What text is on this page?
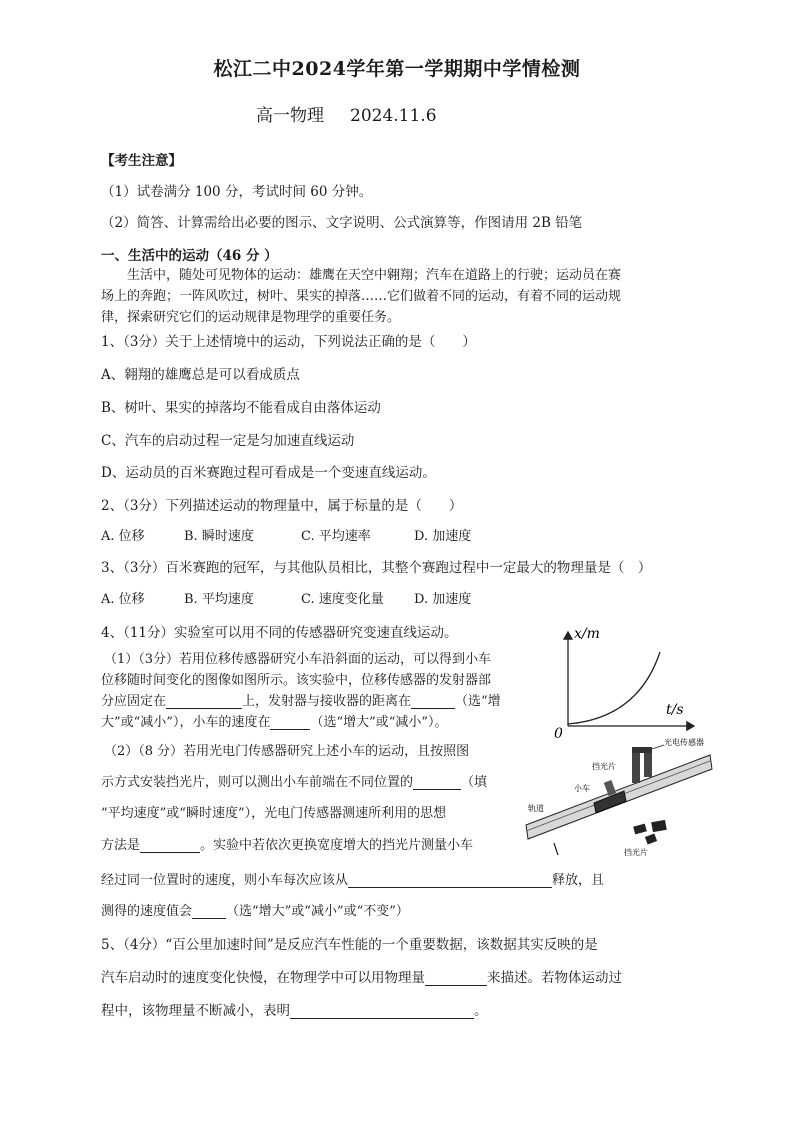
松江二中2024学年第一学期期中学情检测
高一物理 2024.11.6
【考生注意】
（1）试卷满分 100 分，考试时间 60 分钟。
（2）简答、计算需给出必要的图示、文字说明、公式演算等，作图请用 2B 铅笔
一、生活中的运动（46 分 ）
生活中，随处可见物体的运动：雄鹰在天空中翱翔；汽车在道路上的行驶；运动员在赛
场上的奔跑；一阵风吹过，树叶、果实的掉落……它们做着不同的运动，有着不同的运动规
律，探索研究它们的运动规律是物理学的重要任务。
1、（3分）关于上述情境中的运动，下列说法正确的是（　　）
A、翱翔的雄鹰总是可以看成质点
B、树叶、果实的掉落均不能看成自由落体运动
C、汽车的启动过程一定是匀加速直线运动
D、运动员的百米赛跑过程可看成是一个变速直线运动。
2、（3分）下列描述运动的物理量中，属于标量的是（　　）
A. 位移	B. 瞬时速度	C. 平均速率	D. 加速度
3、（3分）百米赛跑的冠军，与其他队员相比，其整个赛跑过程中一定最大的物理量是（　）
A. 位移	B. 平均速度	C. 速度变化量 D. 加速度
4、（11分）实验室可以用不同的传感器研究变速直线运动。
（1）（3分）若用位移传感器研究小车沿斜面的运动，可以得到小车
位移随时间变化的图像如图所示。该实验中，位移传感器的发射器部
分应固定在	上，发射器与接收器的距离在	（选“增
大”或“减小”），小车的速度在	（选“增大”或“减小”）。
（2）（8 分）若用光电门传感器研究上述小车的运动，且按照图
示方式安装挡光片，则可以测出小车前端在不同位置的	（填
“平均速度”或“瞬时速度”），光电门传感器测速所利用的思想
方法是	。实验中若依次更换宽度增大的挡光片测量小车
经过同一位置时的速度，则小车每次应该从	释放，且
测得的速度值会	（选“增大”或“减小”或“不变”）
x/m
t/s
0
光电传感器
挡光片
小车
轨道
挡光片
5、（4分）“百公里加速时间”是反应汽车性能的一个重要数据，该数据其实反映的是
汽车启动时的速度变化快慢，在物理学中可以用物理量	来描述。若物体运动过
程中，该物理量不断减小，表明	。
